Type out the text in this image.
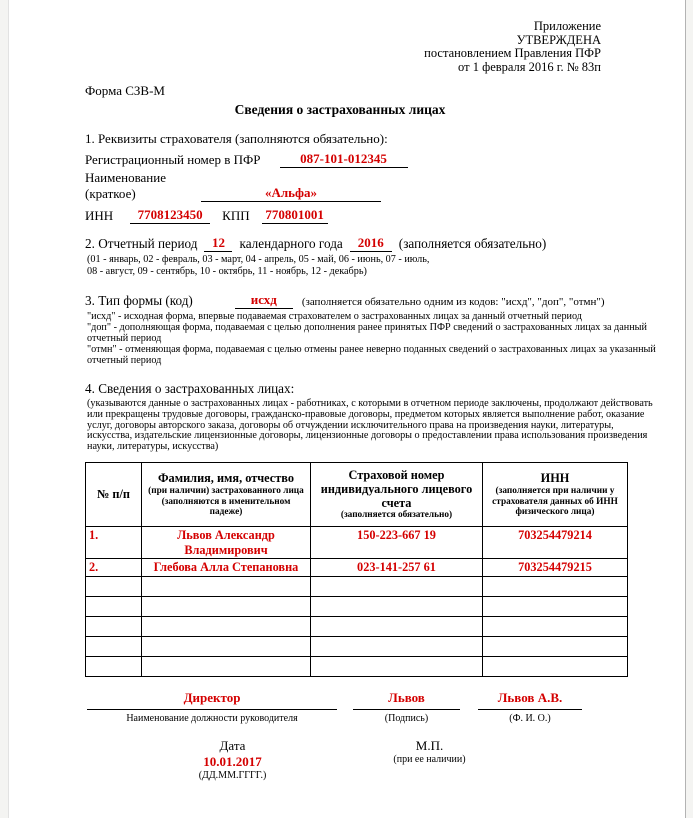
Приложение
УТВЕРЖДЕНА
постановлением Правления ПФР
от 1 февраля 2016 г. № 83п
Форма СЗВ-М
Сведения о застрахованных лицах
1. Реквизиты страхователя (заполняются обязательно):
Регистрационный номер в ПФР	087-101-012345
Наименование
(краткое)	«Альфа»
ИНН	7708123450	КПП 770801001
2. Отчетный период 12 календарного года 2016 (заполняется обязательно)
(01 - январь, 02 - февраль, 03 - март, 04 - апрель, 05 - май, 06 - июнь, 07 - июль,
08 - август, 09 - сентябрь, 10 - октябрь, 11 - ноябрь, 12 - декабрь)
3. Тип формы (код)	исхд (заполняется обязательно одним из кодов: "исхд", "доп", "отмн")
"исхд" - исходная форма, впервые подаваемая страхователем о застрахованных лицах за данный отчетный период
"доп" - дополняющая форма, подаваемая с целью дополнения ранее принятых ПФР сведений о застрахованных лицах за данный отчетный период
"отмн" - отменяющая форма, подаваемая с целью отмены ранее неверно поданных сведений о застрахованных лицах за указанный отчетный период
4. Сведения о застрахованных лицах:
(указываются данные о застрахованных лицах - работниках, с которыми в отчетном периоде заключены, продолжают действовать или прекращены трудовые договоры, гражданско-правовые договоры, предметом которых является выполнение работ, оказание услуг, договоры авторского заказа, договоры об отчуждении исключительного права на произведения науки, литературы, искусства, издательские лицензионные договоры, лицензионные договоры о предоставлении права использования произведения науки, литературы, искусства)
№ п/п

Фамилия, имя, отчество
(при наличии) застрахованного лица (заполняются в именительном падеже)

Страховой номер индивидуального лицевого счета
(заполняется обязательно)

ИНН
(заполняется при наличии у страхователя данных об ИНН физического лица)

1.	Львов Александр Владимирович	150-223-667 19	703254479214
2.	Глебова Алла Степановна	023-141-257 61	703254479215

Директор
Наименование должности руководителя
Львов
(Подпись)
Львов А.В.
(Ф. И. О.)
Дата
10.01.2017
(ДД.ММ.ГГГГ.)
М.П.
(при ее наличии)
